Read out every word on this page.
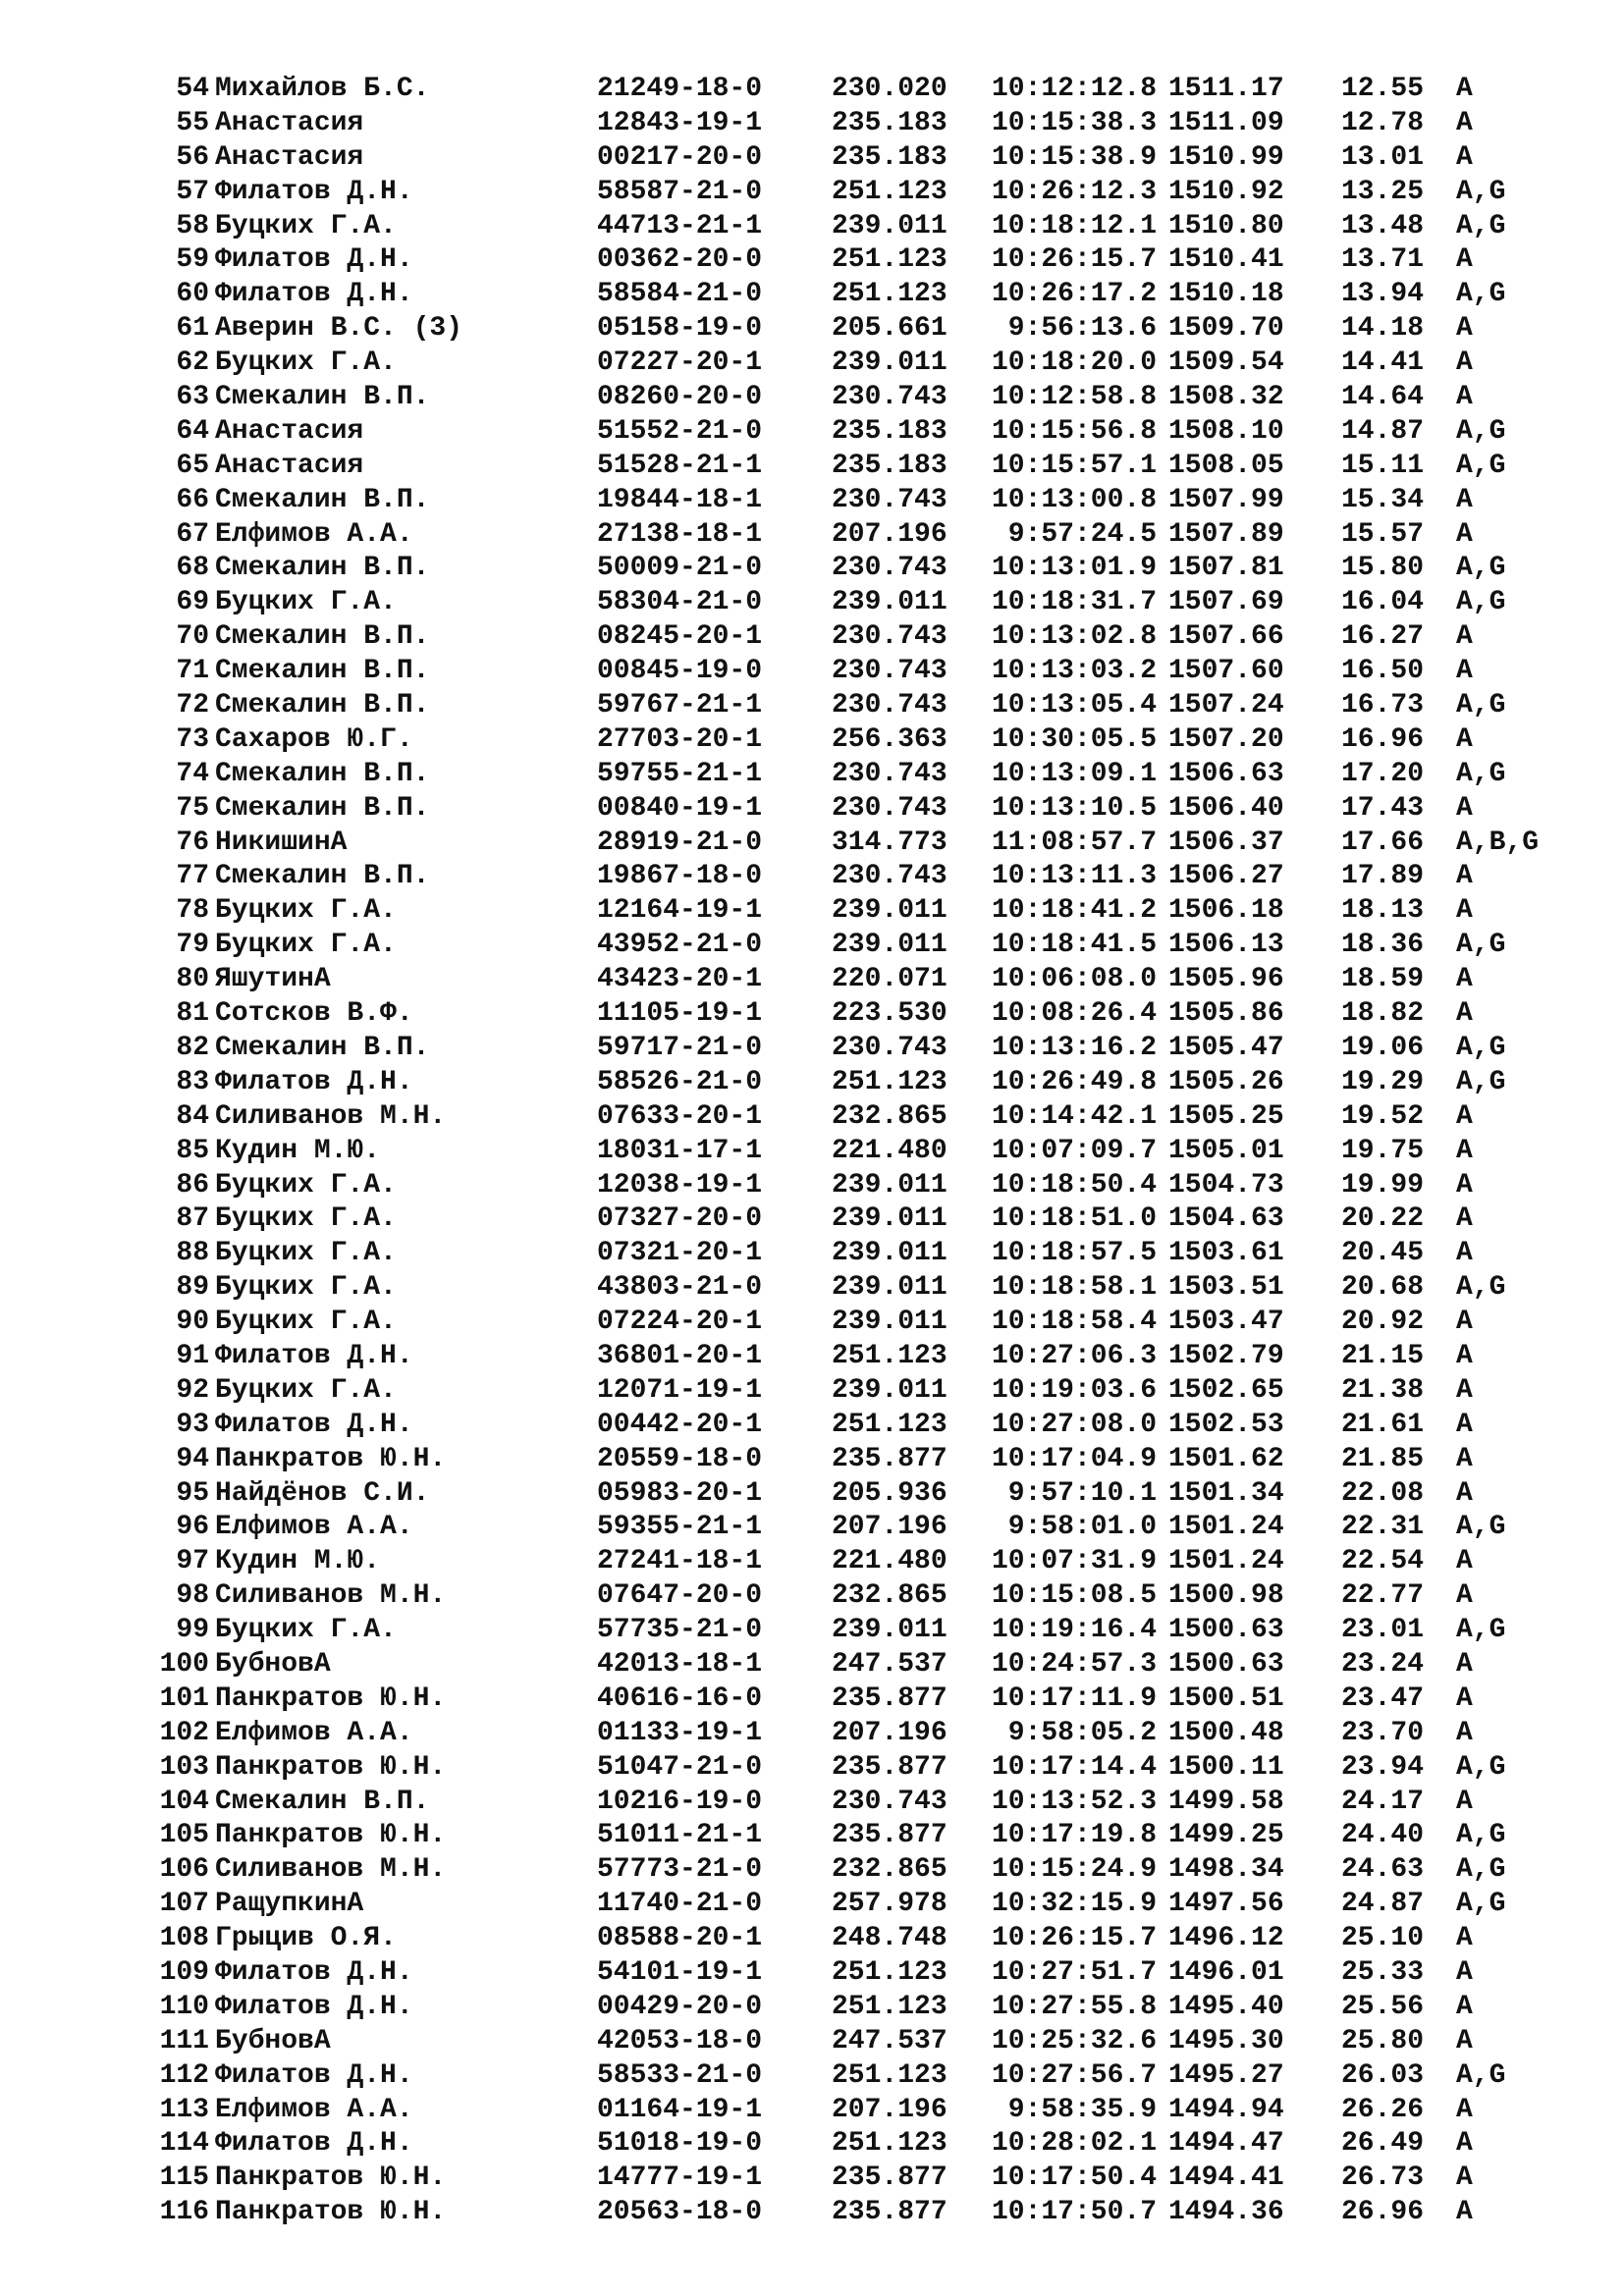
54 Михайлов Б.С.	21249-18-0	230.020	10:12:12.8 1511.17 12.55 A
55 Анастасия	12843-19-1	235.183	10:15:38.3 1511.09 12.78 A
56 Анастасия	00217-20-0	235.183	10:15:38.9 1510.99 13.01 A
57 Филатов Д.Н.	58587-21-0	251.123	10:26:12.3 1510.92 13.25 A,G
58 Буцких Г.А.	44713-21-1	239.011	10:18:12.1 1510.80 13.48 A,G
59 Филатов Д.Н.	00362-20-0	251.123	10:26:15.7 1510.41 13.71 A
60 Филатов Д.Н.	58584-21-0	251.123	10:26:17.2 1510.18 13.94 A,G
61 Аверин В.С. (3)	05158-19-0	205.661	9:56:13.6 1509.70 14.18 A
62 Буцких Г.А.	07227-20-1	239.011	10:18:20.0 1509.54 14.41 A
63 Смекалин В.П.	08260-20-0	230.743	10:12:58.8 1508.32 14.64 A
64 Анастасия	51552-21-0	235.183	10:15:56.8 1508.10 14.87 A,G
65 Анастасия	51528-21-1	235.183	10:15:57.1 1508.05 15.11 A,G
66 Смекалин В.П.	19844-18-1	230.743	10:13:00.8 1507.99 15.34 A
67 Елфимов А.А.	27138-18-1	207.196	9:57:24.5 1507.89 15.57 A
68 Смекалин В.П.	50009-21-0	230.743	10:13:01.9 1507.81 15.80 A,G
69 Буцких Г.А.	58304-21-0	239.011	10:18:31.7 1507.69 16.04 A,G
70 Смекалин В.П.	08245-20-1	230.743	10:13:02.8 1507.66 16.27 A
71 Смекалин В.П.	00845-19-0	230.743	10:13:03.2 1507.60 16.50 A
72 Смекалин В.П.	59767-21-1	230.743	10:13:05.4 1507.24 16.73 A,G
73 Сахаров Ю.Г.	27703-20-1	256.363	10:30:05.5 1507.20 16.96 A
74 Смекалин В.П.	59755-21-1	230.743	10:13:09.1 1506.63 17.20 A,G
75 Смекалин В.П.	00840-19-1	230.743	10:13:10.5 1506.40 17.43 A
76 НикишинА	28919-21-0	314.773	11:08:57.7 1506.37 17.66 A,B,G
77 Смекалин В.П.	19867-18-0	230.743	10:13:11.3 1506.27 17.89 A
78 Буцких Г.А.	12164-19-1	239.011	10:18:41.2 1506.18 18.13 A
79 Буцких Г.А.	43952-21-0	239.011	10:18:41.5 1506.13 18.36 A,G
80 ЯшутинА	43423-20-1	220.071	10:06:08.0 1505.96 18.59 A
81 Сотсков В.Ф.	11105-19-1	223.530	10:08:26.4 1505.86 18.82 A
82 Смекалин В.П.	59717-21-0	230.743	10:13:16.2 1505.47 19.06 A,G
83 Филатов Д.Н.	58526-21-0	251.123	10:26:49.8 1505.26 19.29 A,G
84 Силиванов М.Н.	07633-20-1	232.865	10:14:42.1 1505.25 19.52 A
85 Кудин М.Ю.	18031-17-1	221.480	10:07:09.7 1505.01 19.75 A
86 Буцких Г.А.	12038-19-1	239.011	10:18:50.4 1504.73 19.99 A
87 Буцких Г.А.	07327-20-0	239.011	10:18:51.0 1504.63 20.22 A
88 Буцких Г.А.	07321-20-1	239.011	10:18:57.5 1503.61 20.45 A
89 Буцких Г.А.	43803-21-0	239.011	10:18:58.1 1503.51 20.68 A,G
90 Буцких Г.А.	07224-20-1	239.011	10:18:58.4 1503.47 20.92 A
91 Филатов Д.Н.	36801-20-1	251.123	10:27:06.3 1502.79 21.15 A
92 Буцких Г.А.	12071-19-1	239.011	10:19:03.6 1502.65 21.38 A
93 Филатов Д.Н.	00442-20-1	251.123	10:27:08.0 1502.53 21.61 A
94 Панкратов Ю.Н.	20559-18-0	235.877	10:17:04.9 1501.62 21.85 A
95 Найдёнов С.И.	05983-20-1	205.936	9:57:10.1 1501.34 22.08 A
96 Елфимов А.А.	59355-21-1	207.196	9:58:01.0 1501.24 22.31 A,G
97 Кудин М.Ю.	27241-18-1	221.480	10:07:31.9 1501.24 22.54 A
98 Силиванов М.Н.	07647-20-0	232.865	10:15:08.5 1500.98 22.77 A
99 Буцких Г.А.	57735-21-0	239.011	10:19:16.4 1500.63 23.01 A,G
100 БубновА	42013-18-1	247.537	10:24:57.3 1500.63 23.24 A
101 Панкратов Ю.Н.	40616-16-0	235.877	10:17:11.9 1500.51 23.47 A
102 Елфимов А.А.	01133-19-1	207.196	9:58:05.2 1500.48 23.70 A
103 Панкратов Ю.Н.	51047-21-0	235.877	10:17:14.4 1500.11 23.94 A,G
104 Смекалин В.П.	10216-19-0	230.743	10:13:52.3 1499.58 24.17 A
105 Панкратов Ю.Н.	51011-21-1	235.877	10:17:19.8 1499.25 24.40 A,G
106 Силиванов М.Н.	57773-21-0	232.865	10:15:24.9 1498.34 24.63 A,G
107 РащупкинА	11740-21-0	257.978	10:32:15.9 1497.56 24.87 A,G
108 Грыцив О.Я.	08588-20-1	248.748	10:26:15.7 1496.12 25.10 A
109 Филатов Д.Н.	54101-19-1	251.123	10:27:51.7 1496.01 25.33 A
110 Филатов Д.Н.	00429-20-0	251.123	10:27:55.8 1495.40 25.56 A
111 БубновА	42053-18-0	247.537	10:25:32.6 1495.30 25.80 A
112 Филатов Д.Н.	58533-21-0	251.123	10:27:56.7 1495.27 26.03 A,G
113 Елфимов А.А.	01164-19-1	207.196	9:58:35.9 1494.94 26.26 A
114 Филатов Д.Н.	51018-19-0	251.123	10:28:02.1 1494.47 26.49 A
115 Панкратов Ю.Н.	14777-19-1	235.877	10:17:50.4 1494.41 26.73 A
116 Панкратов Ю.Н.	20563-18-0	235.877	10:17:50.7 1494.36 26.96 A
